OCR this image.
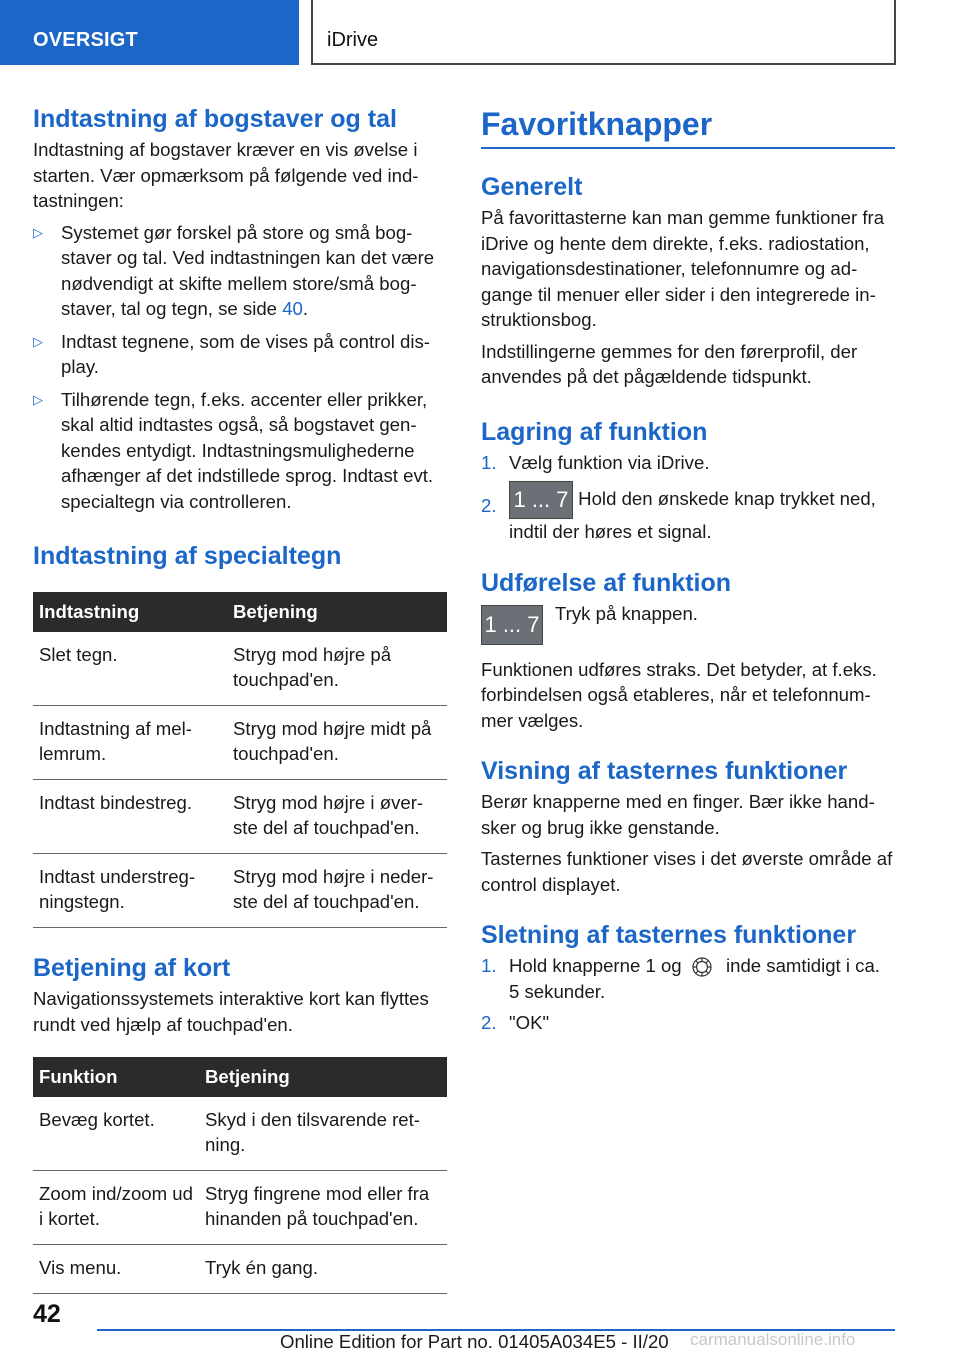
OVERSIGT	iDrive
Indtastning af bogstaver og tal

Indtastning af bogstaver kræver en vis øvelse i starten. Vær opmærksom på følgende ved indtastningen:

▷ Systemet gør forskel på store og små bogstaver og tal. Ved indtastningen kan det være nødvendigt at skifte mellem store/små bogstaver, tal og tegn, se side 40.
▷ Indtast tegnene, som de vises på control display.
▷ Tilhørende tegn, f.eks. accenter eller prikker, skal altid indtastes også, så bogstavet genkendes entydigt. Indtastningsmulighederne afhænger af det indstillede sprog. Indtast evt. specialtegn via controlleren.
Indtastning af specialtegn
Indtastning	Betjening
Slet tegn.	Stryg mod højre på touchpad'en.
Indtastning af mellemrum.	Stryg mod højre midt på touchpad'en.
Indtast bindestreg.	Stryg mod højre i øverste del af touchpad'en.
Indtast understregningstegn.	Stryg mod højre i nederste del af touchpad'en.
Betjening af kort

Navigationssystemets interaktive kort kan flyttes rundt ved hjælp af touchpad'en.

Funktion	Betjening
Bevæg kortet.	Skyd i den tilsvarende retning.
Zoom ind/zoom ud i kortet.	Stryg fingrene mod eller fra hinanden på touchpad'en.
Vis menu.	Tryk én gang.
Favoritknapper
Generelt

På favorittasterne kan man gemme funktioner fra iDrive og hente dem direkte, f.eks. radiostation, navigationsdestinationer, telefonnumre og adgange til menuer eller sider i den integrerede instruktionsbog.

Indstillingerne gemmes for den førerprofil, der anvendes på det pågældende tidspunkt.

Lagring af funktion
1. Vælg funktion via iDrive.
2. 1 ... 7 Hold den ønskede knap trykket ned, indtil der høres et signal.
Udførelse af funktion
1 ... 7 Tryk på knappen.

Funktionen udføres straks. Det betyder, at f.eks. forbindelsen også etableres, når et telefonnummer vælges.

Visning af tasternes funktioner

Berør knapperne med en finger. Bær ikke handsker og brug ikke genstande.

Tasternes funktioner vises i det øverste område af control displayet.

Sletning af tasternes funktioner
1. Hold knapperne 1 og  inde samtidigt i ca. 5 sekunder.
2. "OK"
42
Online Edition for Part no. 01405A034E5 - II/20 carmanualsonline.info
